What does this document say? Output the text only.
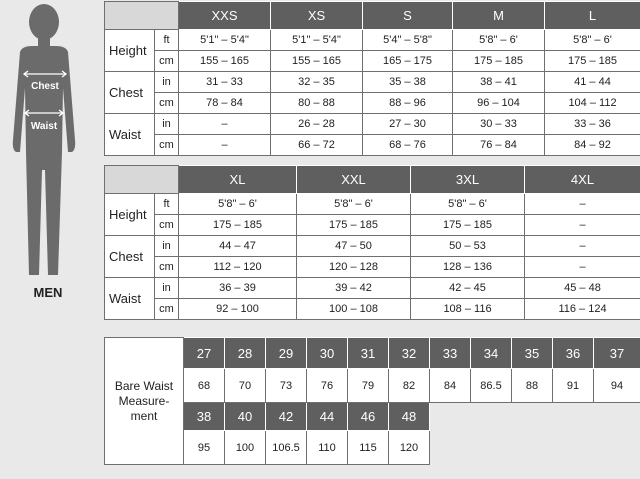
Chest
Waist
MEN
		XXS	XS	S	M	L
Height	ft	5'1" – 5'4"	5'1" – 5'4"	5'4" – 5'8"	5'8" – 6'	5'8" – 6'
	cm	155 – 165	155 – 165	165 – 175	175 – 185	175 – 185
Chest	in	31 – 33	32 – 35	35 – 38	38 – 41	41 – 44
	cm	78 – 84	80 – 88	88 – 96	96 – 104	104 – 112
Waist	in	–	26 – 28	27 – 30	30 – 33	33 – 36
	cm	–	66 – 72	68 – 76	76 – 84	84 – 92
		XL	XXL	3XL	4XL
Height	ft	5'8" – 6'	5'8" – 6'	5'8" – 6'	–
	cm	175 – 185	175 – 185	175 – 185	–
Chest	in	44 – 47	47 – 50	50 – 53	–
	cm	112 – 120	120 – 128	128 – 136	–
Waist	in	36 – 39	39 – 42	42 – 45	45 – 48
	cm	92 – 100	100 – 108	108 – 116	116 – 124
Bare Waist Measure- ment	27	28	29	30	31	32	33	34	35	36	37
	68	70	73	76	79	82	84	86.5	88	91	94
	38	40	42	44	46	48					
	95	100	106.5	110	115	120					
